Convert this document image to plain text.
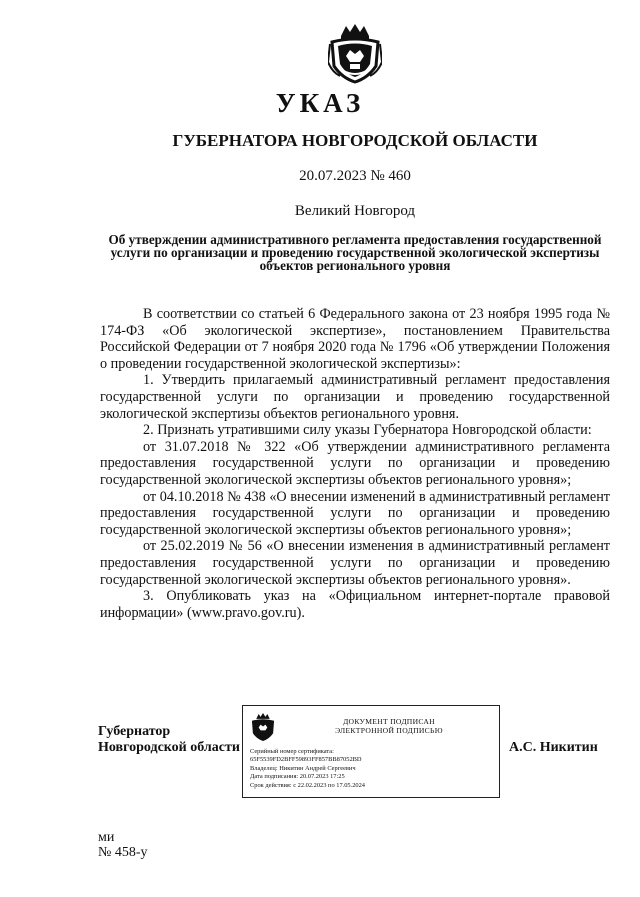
УКАЗ
ГУБЕРНАТОРА НОВГОРОДСКОЙ ОБЛАСТИ
20.07.2023 № 460
Великий Новгород
Об утверждении административного регламента предоставления государственной услуги по организации и проведению государственной экологической экспертизы объектов регионального уровня

В соответствии со статьей 6 Федерального закона от 23 ноября 1995 года № 174-ФЗ «Об экологической экспертизе», постановлением Правительства Российской Федерации от 7 ноября 2020 года № 1796 «Об утверждении Положения о проведении государственной экологической экспертизы»:

1. Утвердить прилагаемый административный регламент предоставления государственной услуги по организации и проведению государственной экологической экспертизы объектов регионального уровня.

2. Признать утратившими силу указы Губернатора Новгородской области:

от 31.07.2018 № 322 «Об утверждении административного регламента предоставления государственной услуги по организации и проведению государственной экологической экспертизы объектов регионального уровня»;

от 04.10.2018 № 438 «О внесении изменений в административный регламент предоставления государственной услуги по организации и проведению государственной экологической экспертизы объектов регионального уровня»;

от 25.02.2019 № 56 «О внесении изменения в административный регламент предоставления государственной услуги по организации и проведению государственной экологической экспертизы объектов регионального уровня».

3. Опубликовать указ на «Официальном интернет-портале правовой информации» (www.pravo.gov.ru).

Губернатор
Новгородской области
ДОКУМЕНТ ПОДПИСАН
ЭЛЕКТРОННОЙ ПОДПИСЬЮ
Серийный номер сертификата:
65F5539FD2BFF59893FF857BB87052BD
Владелец: Никитин Андрей Сергеевич
Дата подписания: 20.07.2023 17:25
Срок действия: с 22.02.2023 по 17.05.2024
А.С. Никитин
ми
№ 458-у
